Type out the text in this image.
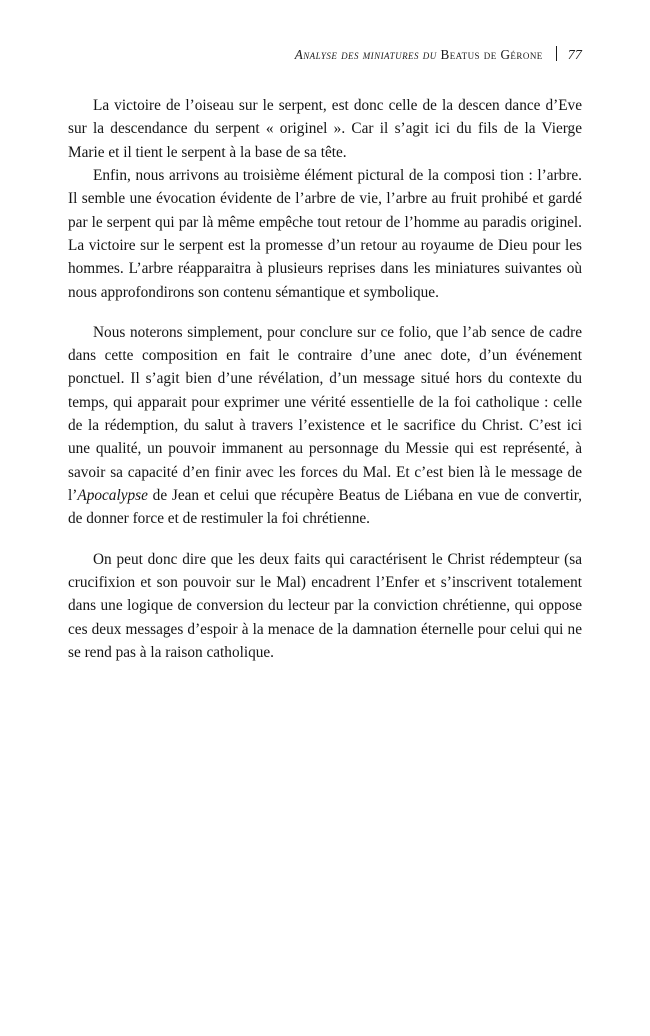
Analyse des miniatures du Beatus de Gérone 77

La victoire de l’oiseau sur le serpent, est donc celle de la descen dance d’Eve sur la descendance du serpent « originel ». Car il s’agit ici du fils de la Vierge Marie et il tient le serpent à la base de sa tête.

Enfin, nous arrivons au troisième élément pictural de la composi tion : l’arbre. Il semble une évocation évidente de l’arbre de vie, l’arbre au fruit prohibé et gardé par le serpent qui par là même empêche tout retour de l’homme au paradis originel. La victoire sur le serpent est la promesse d’un retour au royaume de Dieu pour les hommes. L’arbre réapparaitra à plusieurs reprises dans les miniatures suivantes où nous approfondirons son contenu sémantique et symbolique.

Nous noterons simplement, pour conclure sur ce folio, que l’ab sence de cadre dans cette composition en fait le contraire d’une anec dote, d’un événement ponctuel. Il s’agit bien d’une révélation, d’un message situé hors du contexte du temps, qui apparait pour exprimer une vérité essentielle de la foi catholique : celle de la rédemption, du salut à travers l’existence et le sacrifice du Christ. C’est ici une qualité, un pouvoir immanent au personnage du Messie qui est représenté, à savoir sa capacité d’en finir avec les forces du Mal. Et c’est bien là le message de l’Apocalypse de Jean et celui que récupère Beatus de Liébana en vue de convertir, de donner force et de restimuler la foi chrétienne.

On peut donc dire que les deux faits qui caractérisent le Christ rédempteur (sa crucifixion et son pouvoir sur le Mal) encadrent l’Enfer et s’inscrivent totalement dans une logique de conversion du lecteur par la conviction chrétienne, qui oppose ces deux messages d’espoir à la menace de la damnation éternelle pour celui qui ne se rend pas à la raison catholique.
